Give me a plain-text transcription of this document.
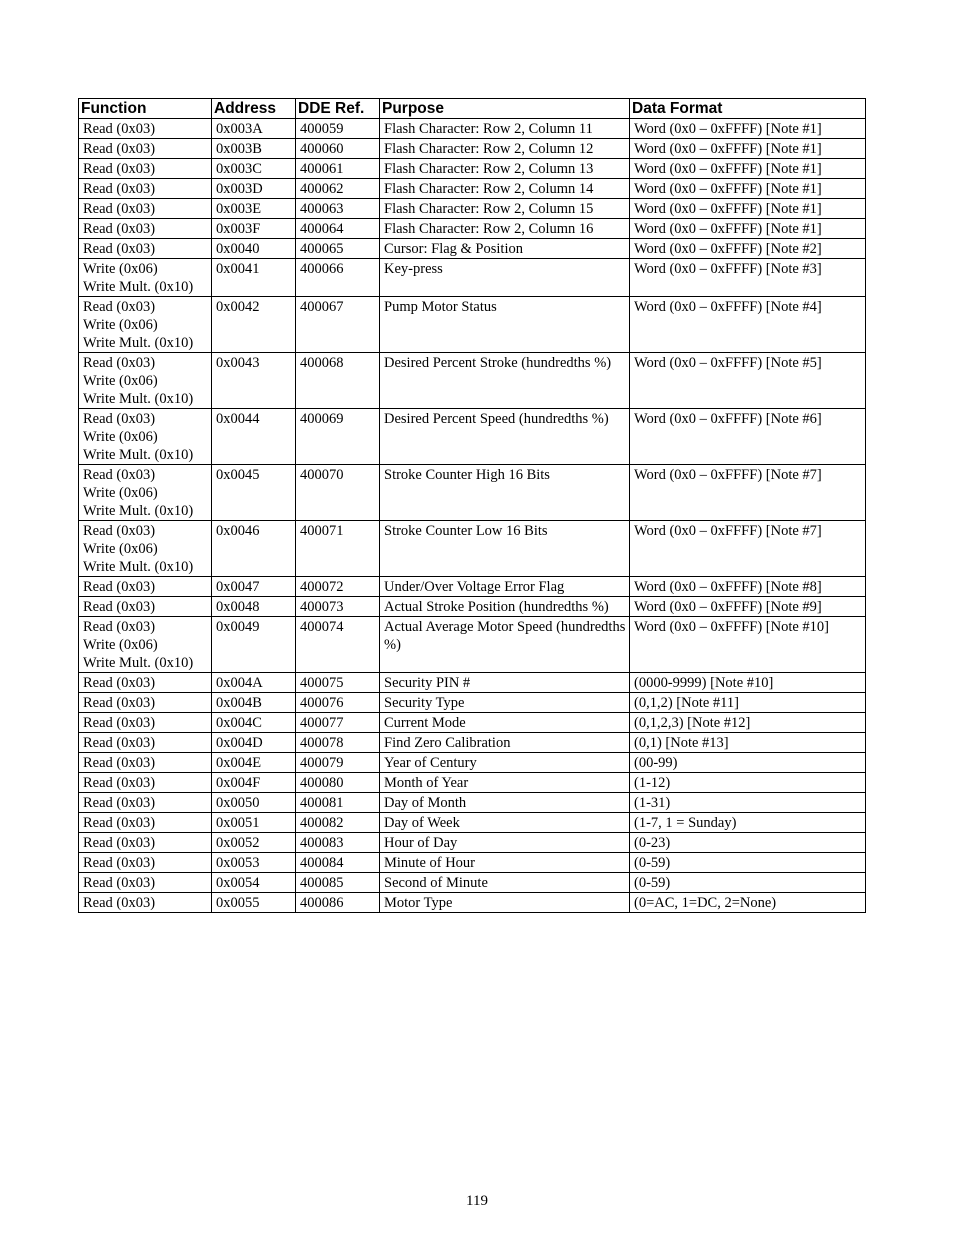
Function	Address	DDE Ref.	Purpose	Data Format

Read (0x03)	0x003A	400059	Flash Character: Row 2, Column 11	Word (0x0 – 0xFFFF) [Note #1]

Read (0x03)	0x003B	400060	Flash Character: Row 2, Column 12	Word (0x0 – 0xFFFF) [Note #1]

Read (0x03)	0x003C	400061	Flash Character: Row 2, Column 13	Word (0x0 – 0xFFFF) [Note #1]

Read (0x03)	0x003D	400062	Flash Character: Row 2, Column 14	Word (0x0 – 0xFFFF) [Note #1]

Read (0x03)	0x003E	400063	Flash Character: Row 2, Column 15	Word (0x0 – 0xFFFF) [Note #1]

Read (0x03)	0x003F	400064	Flash Character: Row 2, Column 16	Word (0x0 – 0xFFFF) [Note #1]

Read (0x03)	0x0040	400065	Cursor: Flag & Position	Word (0x0 – 0xFFFF) [Note #2]

Write (0x06)
Write Mult. (0x10)	0x0041	400066	Key-press	Word (0x0 – 0xFFFF) [Note #3]

Read (0x03)
Write (0x06)
Write Mult. (0x10)	0x0042	400067	Pump Motor Status	Word (0x0 – 0xFFFF) [Note #4]

Read (0x03)
Write (0x06)
Write Mult. (0x10)	0x0043	400068	Desired Percent Stroke (hundredths %)	Word (0x0 – 0xFFFF) [Note #5]

Read (0x03)
Write (0x06)
Write Mult. (0x10)	0x0044	400069	Desired Percent Speed (hundredths %)	Word (0x0 – 0xFFFF) [Note #6]

Read (0x03)
Write (0x06)
Write Mult. (0x10)	0x0045	400070	Stroke Counter High 16 Bits	Word (0x0 – 0xFFFF) [Note #7]

Read (0x03)
Write (0x06)
Write Mult. (0x10)	0x0046	400071	Stroke Counter Low 16 Bits	Word (0x0 – 0xFFFF) [Note #7]

Read (0x03)	0x0047	400072	Under/Over Voltage Error Flag	Word (0x0 – 0xFFFF) [Note #8]

Read (0x03)	0x0048	400073	Actual Stroke Position (hundredths %)	Word (0x0 – 0xFFFF) [Note #9]

Read (0x03)
Write (0x06)
Write Mult. (0x10)	0x0049	400074	Actual Average Motor Speed (hundredths %)	Word (0x0 – 0xFFFF) [Note #10]

Read (0x03)	0x004A	400075	Security PIN #	(0000-9999) [Note #10]

Read (0x03)	0x004B	400076	Security Type	(0,1,2) [Note #11]

Read (0x03)	0x004C	400077	Current Mode	(0,1,2,3) [Note #12]

Read (0x03)	0x004D	400078	Find Zero Calibration	(0,1) [Note #13]

Read (0x03)	0x004E	400079	Year of Century	(00-99)

Read (0x03)	0x004F	400080	Month of Year	(1-12)

Read (0x03)	0x0050	400081	Day of Month	(1-31)

Read (0x03)	0x0051	400082	Day of Week	(1-7, 1 = Sunday)

Read (0x03)	0x0052	400083	Hour of Day	(0-23)

Read (0x03)	0x0053	400084	Minute of Hour	(0-59)

Read (0x03)	0x0054	400085	Second of Minute	(0-59)

Read (0x03)	0x0055	400086	Motor Type	(0=AC, 1=DC, 2=None)
119
